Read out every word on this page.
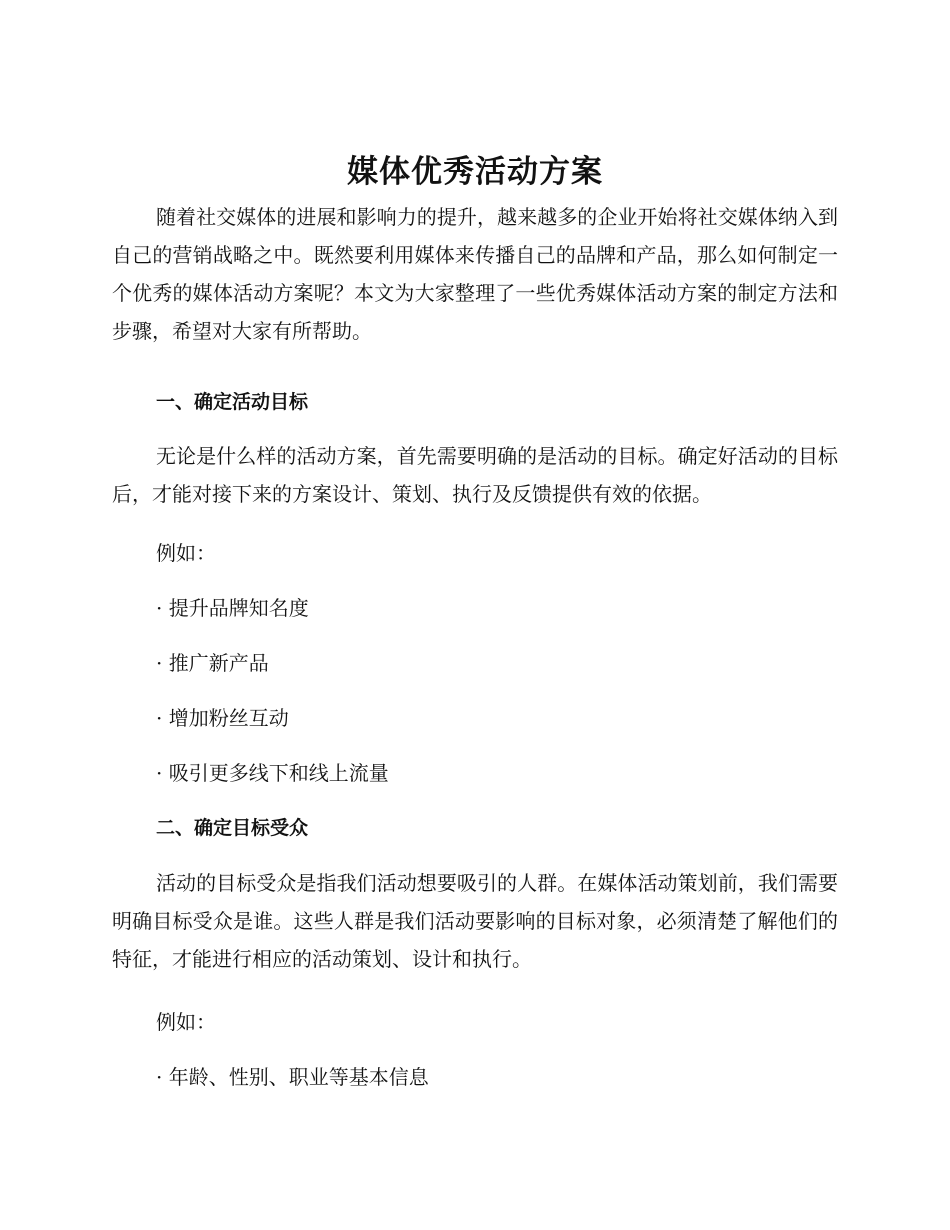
媒体优秀活动方案

随着社交媒体的进展和影响力的提升，越来越多的企业开始将社交媒体纳入到自己的营销战略之中。既然要利用媒体来传播自己的品牌和产品，那么如何制定一个优秀的媒体活动方案呢？本文为大家整理了一些优秀媒体活动方案的制定方法和步骤，希望对大家有所帮助。

一、确定活动目标

无论是什么样的活动方案，首先需要明确的是活动的目标。确定好活动的目标后，才能对接下来的方案设计、策划、执行及反馈提供有效的依据。

例如：

· 提升品牌知名度

· 推广新产品

· 增加粉丝互动

· 吸引更多线下和线上流量

二、确定目标受众

活动的目标受众是指我们活动想要吸引的人群。在媒体活动策划前，我们需要明确目标受众是谁。这些人群是我们活动要影响的目标对象，必须清楚了解他们的特征，才能进行相应的活动策划、设计和执行。

例如：

· 年龄、性别、职业等基本信息
